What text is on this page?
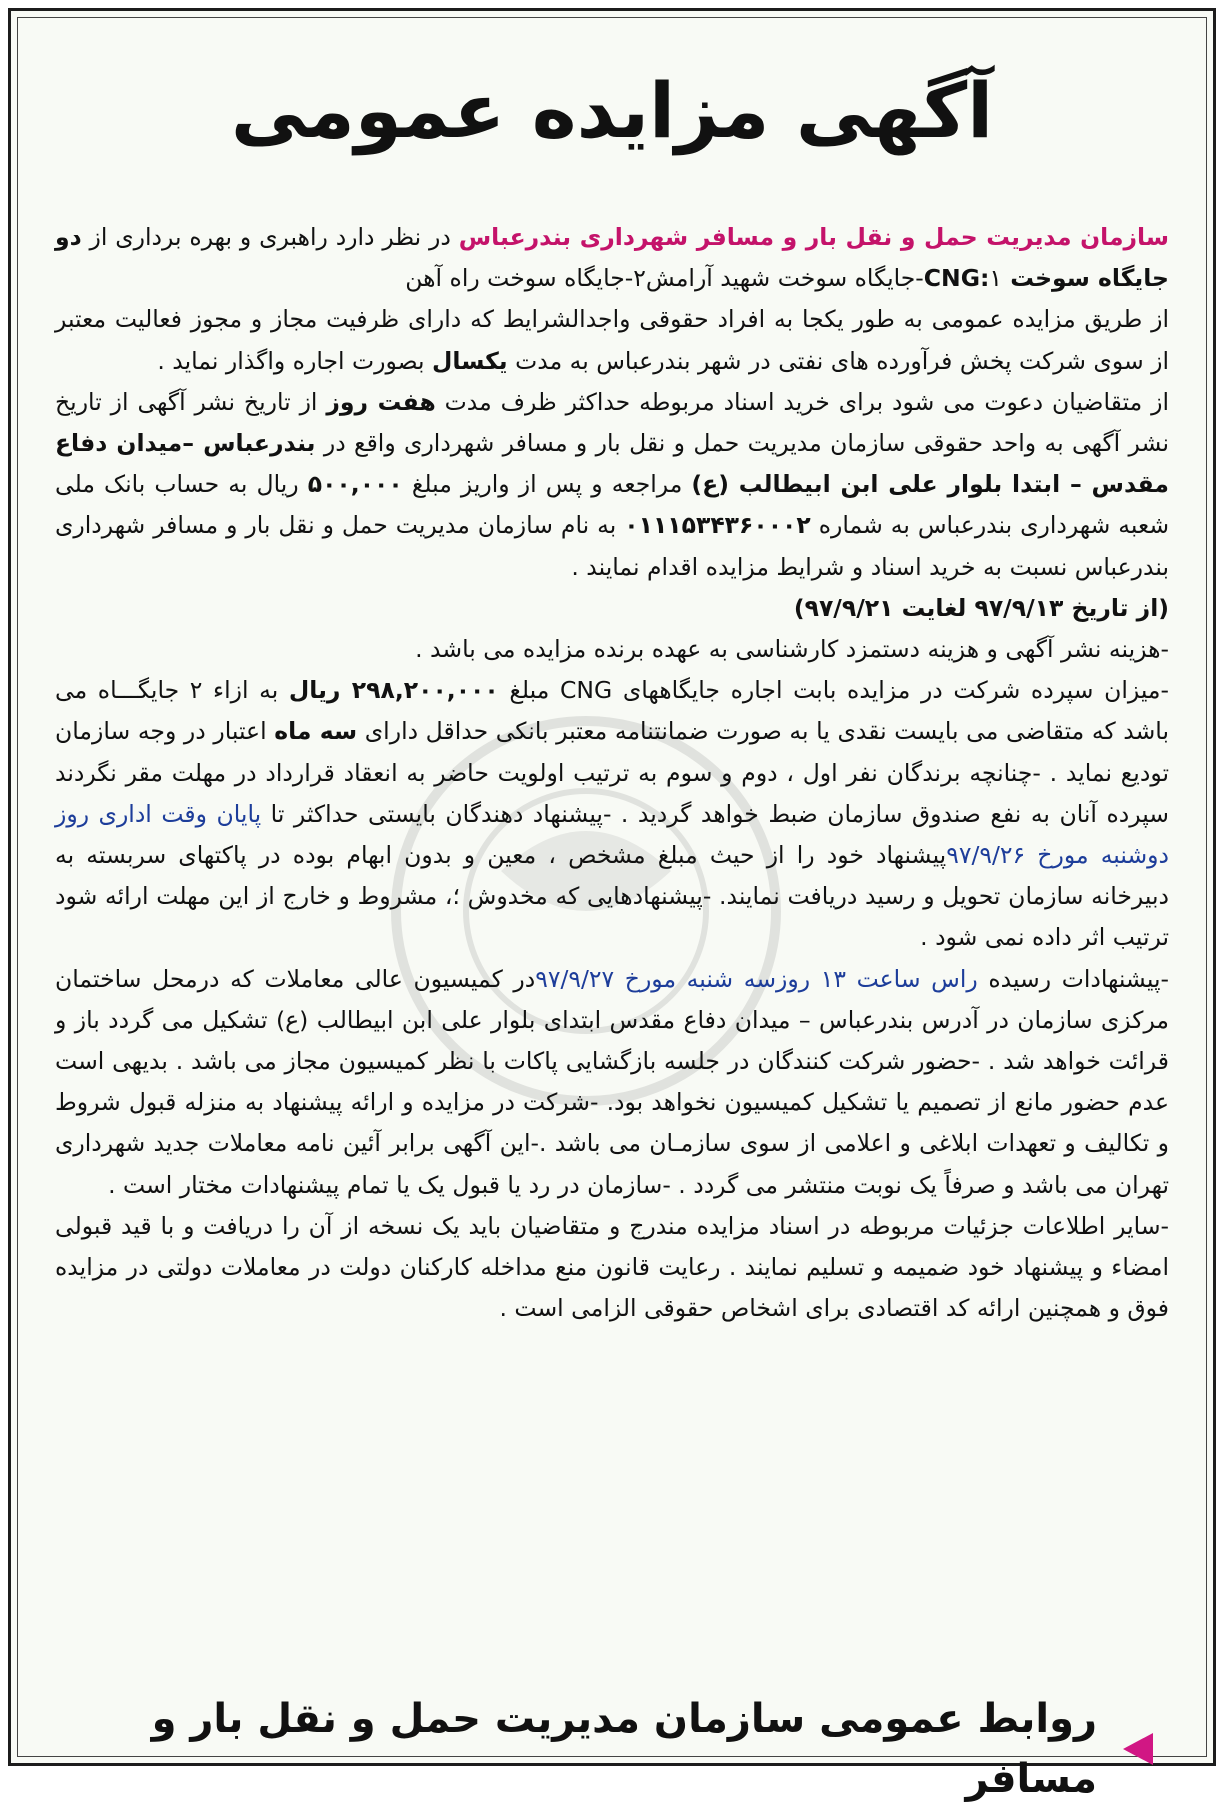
آگهی مزایده عمومی

سازمان مدیریت حمل و نقل بار و مسافر شهرداری بندرعباس در نظر دارد راهبری و بهره برداری از دو جایگاه سوخت CNG:۱-جایگاه سوخت شهید آرامش۲-جایگاه سوخت راه آهن

از طریق مزایده عمومی به طور یکجا به افراد حقوقی واجدالشرایط که دارای ظرفیت مجاز و مجوز فعالیت معتبر از سوی شرکت پخش فرآورده های نفتی در شهر بندرعباس به مدت یکسال بصورت اجاره واگذار نماید .

از متقاضیان دعوت می شود برای خرید اسناد مربوطه حداکثر ظرف مدت هفت روز از تاریخ نشر آگهی از تاریخ نشر آگهی به واحد حقوقی سازمان مدیریت حمل و نقل بار و مسافر شهرداری واقع در بندرعباس –میدان دفاع مقدس – ابتدا بلوار علی ابن ابیطالب (ع) مراجعه و پس از واریز مبلغ ۵۰۰,۰۰۰ ریال به حساب بانک ملی شعبه شهرداری بندرعباس به شماره ۰۱۱۱۵۳۴۳۶۰۰۰۲ به نام سازمان مدیریت حمل و نقل بار و مسافر شهرداری بندرعباس نسبت به خرید اسناد و شرایط مزایده اقدام نمایند .

(از تاریخ ۹۷/۹/۱۳ لغایت ۹۷/۹/۲۱)

-هزینه نشر آگهی و هزینه دستمزد کارشناسی به عهده برنده مزایده می باشد .

-میزان سپرده شرکت در مزایده بابت اجاره جایگاههای CNG مبلغ ۲۹۸,۲۰۰,۰۰۰ ریال به ازاء ۲ جایگـــاه می باشد که متقاضی می بایست نقدی یا به صورت ضمانتنامه معتبر بانکی حداقل دارای سه ماه اعتبار در وجه سازمان تودیع نماید . -چنانچه برندگان نفر اول ، دوم و سوم به ترتیب اولویت حاضر به انعقاد قرارداد در مهلت مقر نگردند سپرده آنان به نفع صندوق سازمان ضبط خواهد گردید . -پیشنهاد دهندگان بایستی حداکثر تا پایان وقت اداری روز دوشنبه مورخ ۹۷/۹/۲۶پیشنهاد خود را از حیث مبلغ مشخص ، معین و بدون ابهام بوده در پاکتهای سربسته به دبیرخانه سازمان تحویل و رسید دریافت نمایند. -پیشنهادهایی که مخدوش ؛، مشروط و خارج از این مهلت ارائه شود ترتیب اثر داده نمی شود .

-پیشنهادات رسیده راس ساعت ۱۳ روزسه شنبه مورخ ۹۷/۹/۲۷در کمیسیون عالی معاملات که درمحل ساختمان مرکزی سازمان در آدرس بندرعباس – میدان دفاع مقدس ابتدای بلوار علی ابن ابیطالب (ع) تشکیل می گردد باز و قرائت خواهد شد . -حضور شرکت کنندگان در جلسه بازگشایی پاکات با نظر کمیسیون مجاز می باشد . بدیهی است عدم حضور مانع از تصمیم یا تشکیل کمیسیون نخواهد بود. -شرکت در مزایده و ارائه پیشنهاد به منزله قبول شروط و تکالیف و تعهدات ابلاغی و اعلامی از سوی سازمـان می باشد .-این آگهی برابر آئین نامه معاملات جدید شهرداری تهران می باشد و صرفاً یک نوبت منتشر می گردد . -سازمان در رد یا قبول یک یا تمام پیشنهادات مختار است .

-سایر اطلاعات جزئیات مربوطه در اسناد مزایده مندرج و متقاضیان باید یک نسخه از آن را دریافت و با قید قبولی امضاء و پیشنهاد خود ضمیمه و تسلیم نمایند . رعایت قانون منع مداخله کارکنان دولت در معاملات دولتی در مزایده فوق و همچنین ارائه کد اقتصادی برای اشخاص حقوقی الزامی است .

روابط عمومی سازمان مدیریت حمل و نقل بار و مسافر
